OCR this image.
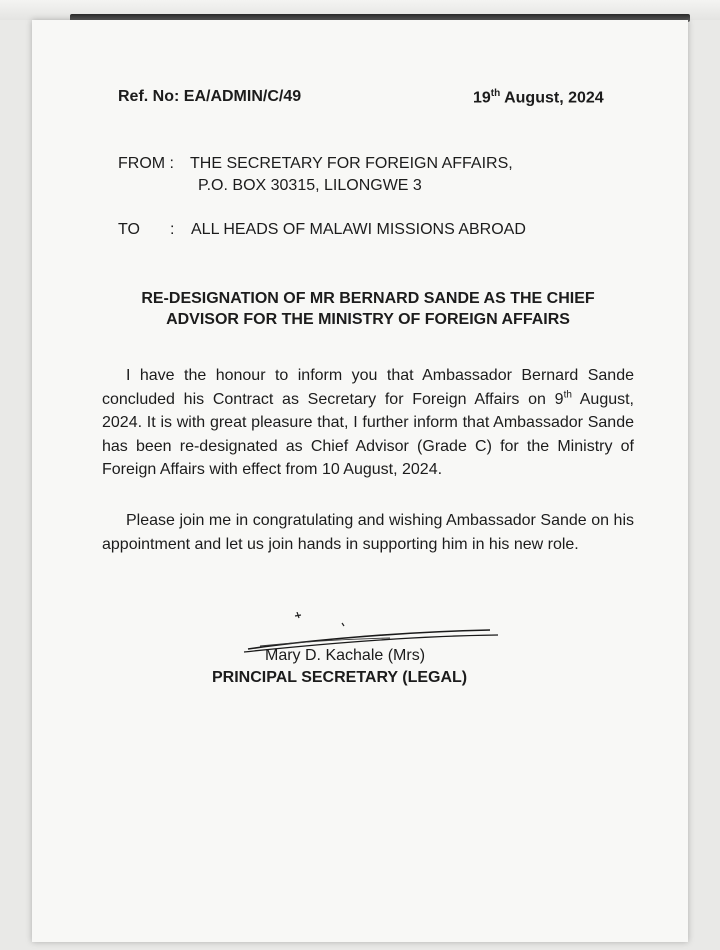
Ref. No: EA/ADMIN/C/49	19th August, 2024
FROM : THE SECRETARY FOR FOREIGN AFFAIRS,
P.O. BOX 30315, LILONGWE 3
TO : ALL HEADS OF MALAWI MISSIONS ABROAD
RE-DESIGNATION OF MR BERNARD SANDE AS THE CHIEF
ADVISOR FOR THE MINISTRY OF FOREIGN AFFAIRS
  I have the honour to inform you that Ambassador Bernard Sande concluded his Contract as Secretary for Foreign Affairs on 9th August, 2024. It is with great pleasure that, I further inform that Ambassador Sande has been re-designated as Chief Advisor (Grade C) for the Ministry of Foreign Affairs with effect from 10 August, 2024.
  Please join me in congratulating and wishing Ambassador Sande on his appointment and let us join hands in supporting him in his new role.
Mary D. Kachale (Mrs)
PRINCIPAL SECRETARY (LEGAL)
